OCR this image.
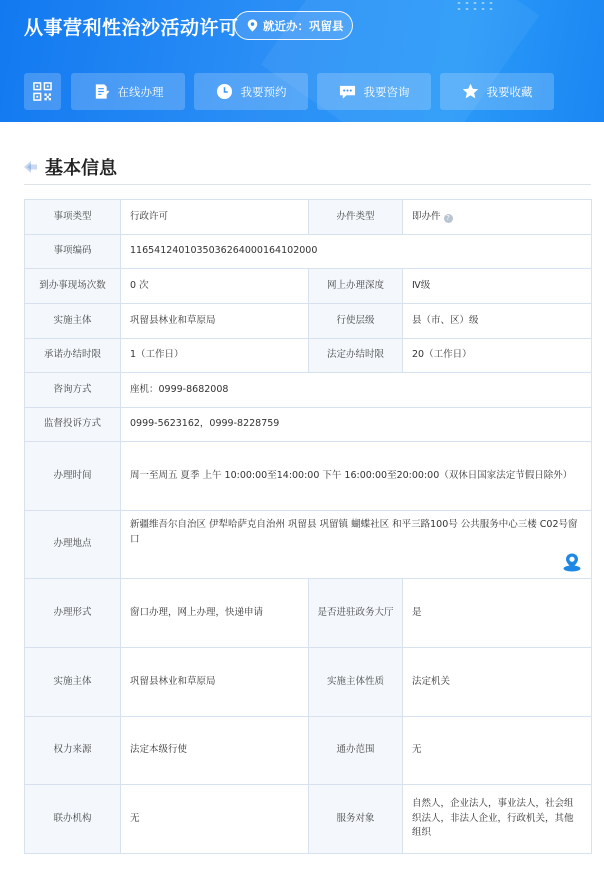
从事营利性治沙活动许可 就近办：巩留县
在线办理	我要预约	我要咨询	我要收藏
基本信息
事项类型	行政许可	办件类型	即办件 ?
事项编码	11654124010350362640001641020​00		
到办事现场次数	0 次	网上办理深度	Ⅳ级
实施主体	巩留县林业和草原局	行使层级	县（市、区）级
承诺办结时限	1（工作日）	法定办结时限	20（工作日）
咨询方式	座机：0999-8682008		
监督投诉方式	0999-5623162，0999-8228759		
办理时间	周一至周五 夏季 上午 10:00:00至14:00:00 下午 16:00:00至20:00:00（双休日国家法定节假日除外）		
办理地点	新疆维吾尔自治区 伊犁哈萨克自治州 巩留县 巩留镇 蝴蝶社区 和平三路100号 公共服务中心三楼 C02号窗口		

办理形式	窗口办理，网上办理，快递申请	是否进驻政务大厅	是
实施主体	巩留县林业和草原局	实施主体性质	法定机关
权力来源	法定本级行使	通办范围	无
联办机构	无	服务对象	自然人，企业法人，事业法人，社会组织法人，非法人企业，行政机关，其他组织
